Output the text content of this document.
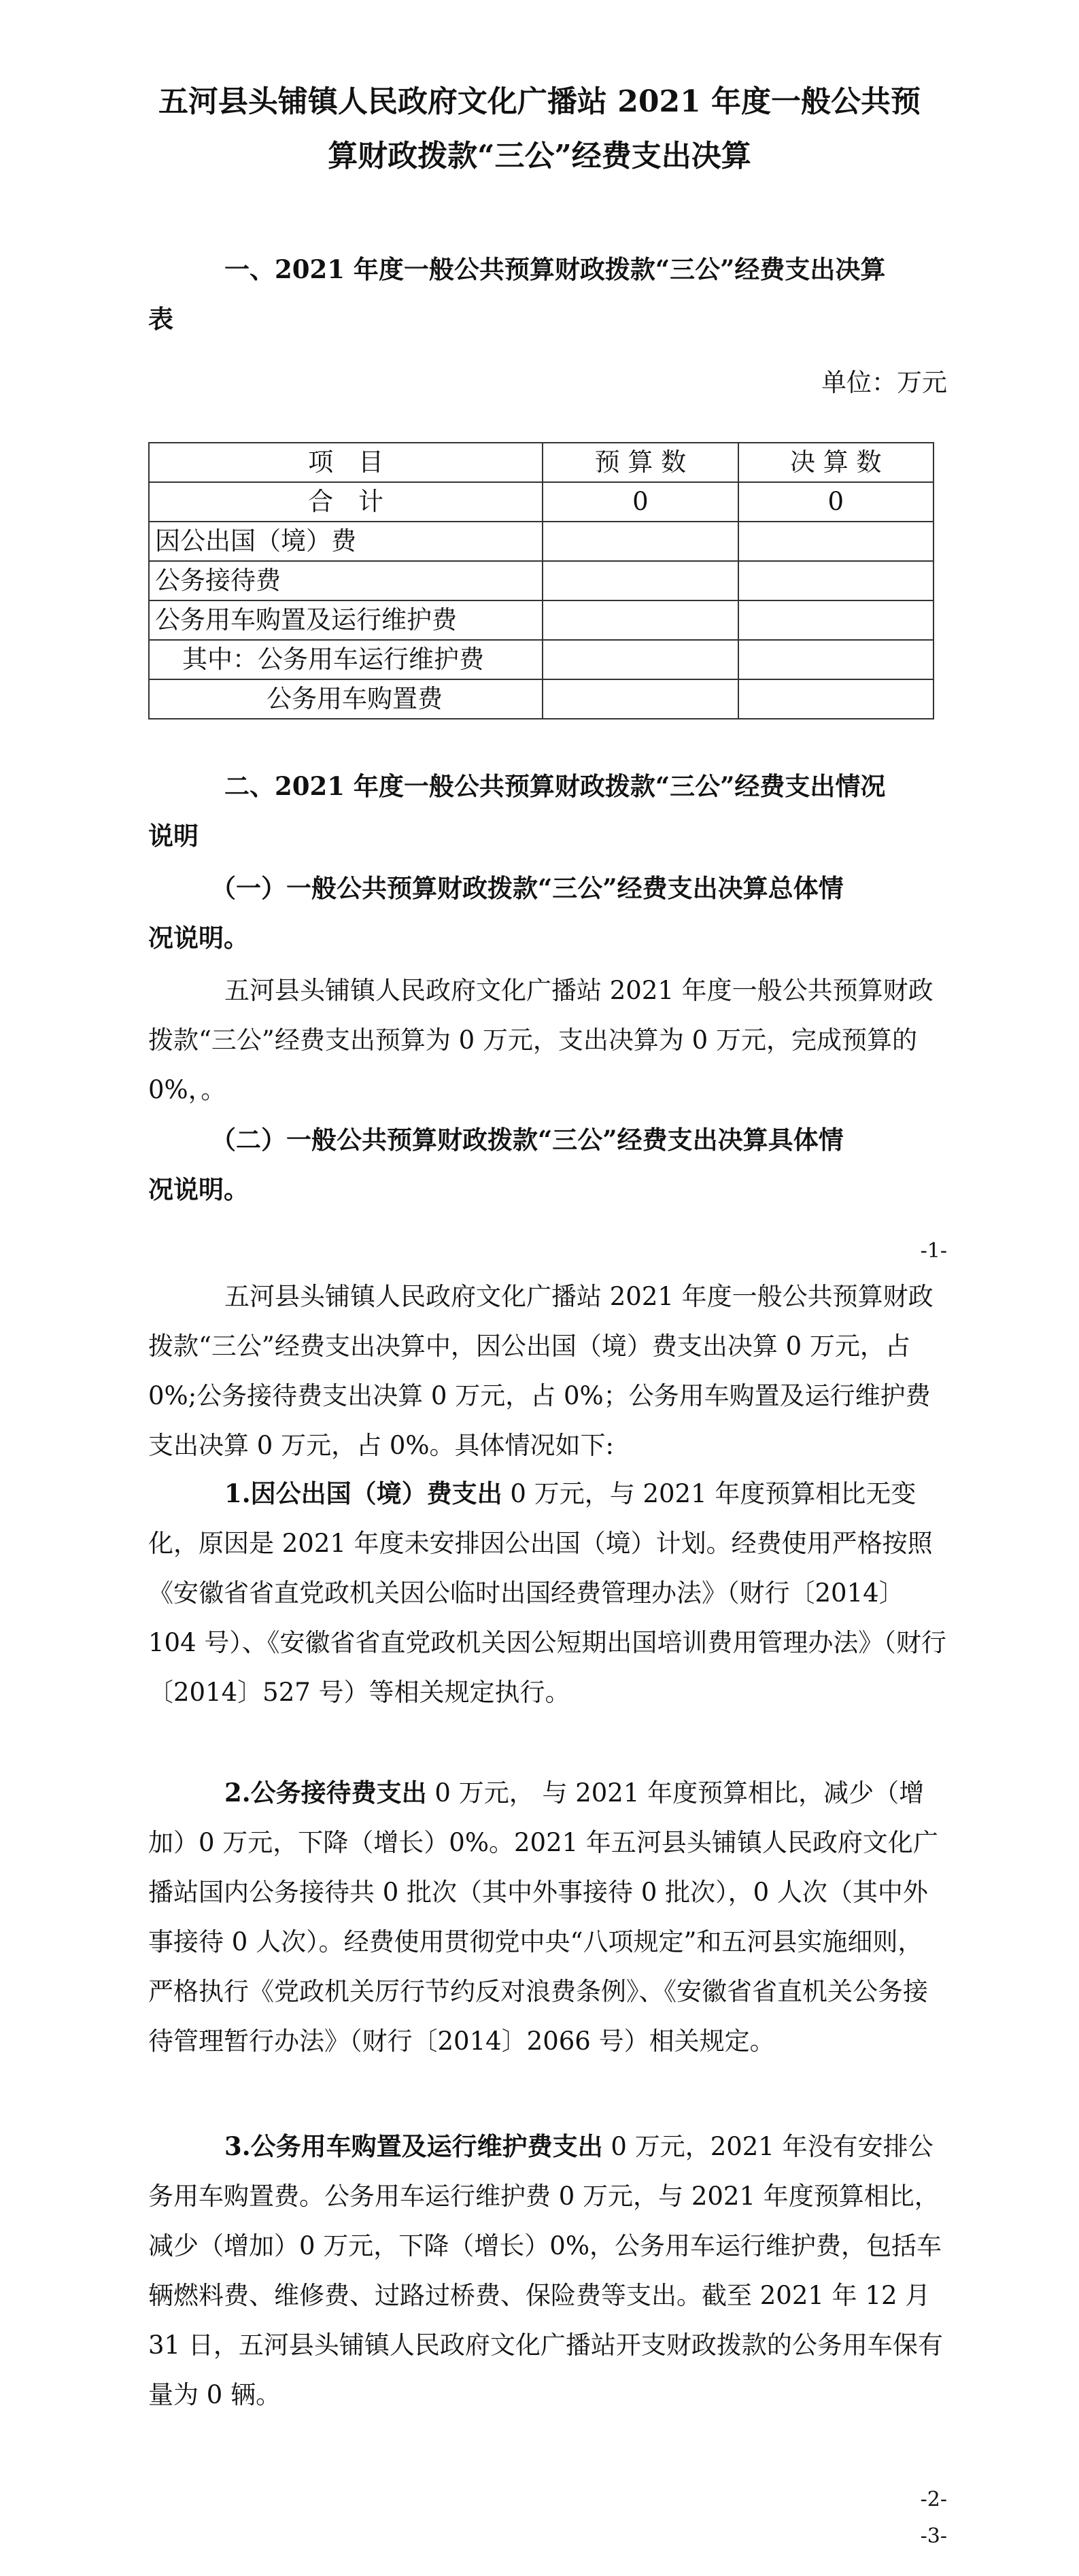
五河县头铺镇人民政府文化广播站 2021 年度一般公共预
算财政拨款“三公”经费支出决算
一、2021 年度一般公共预算财政拨款“三公”经费支出决算
表
单位：万元
项　目	预 算 数	决 算 数
合　计	0	0
因公出国（境）费		
公务接待费		
公务用车购置及运行维护费		
其中：公务用车运行维护费		
公务用车购置费		
二、2021 年度一般公共预算财政拨款“三公”经费支出情况
说明
（一）一般公共预算财政拨款“三公”经费支出决算总体情
况说明。
五河县头铺镇人民政府文化广播站 2021 年度一般公共预算财政拨款“三公”经费支出预算为 0 万元，支出决算为 0 万元，完成预算的 0%，。
（二）一般公共预算财政拨款“三公”经费支出决算具体情
况说明。
-1-
五河县头铺镇人民政府文化广播站 2021 年度一般公共预算财政拨款“三公”经费支出决算中，因公出国（境）费支出决算 0 万元，占 0%;公务接待费支出决算 0 万元，占 0%；公务用车购置及运行维护费支出决算 0 万元，占 0%。具体情况如下:
1.因公出国（境）费支出 0 万元，与 2021 年度预算相比无变化，原因是 2021 年度未安排因公出国（境）计划。经费使用严格按照《安徽省省直党政机关因公临时出国经费管理办法》（财行〔2014〕104 号）、《安徽省省直党政机关因公短期出国培训费用管理办法》（财行〔2014〕527 号）等相关规定执行。
2.公务接待费支出 0 万元， 与 2021 年度预算相比，减少（增加）0 万元，下降（增长）0%。2021 年五河县头铺镇人民政府文化广播站国内公务接待共 0 批次（其中外事接待 0 批次），0 人次（其中外事接待 0 人次）。经费使用贯彻党中央“八项规定”和五河县实施细则，严格执行《党政机关厉行节约反对浪费条例》、《安徽省省直机关公务接待管理暂行办法》（财行〔2014〕2066 号）相关规定。
3.公务用车购置及运行维护费支出 0 万元，2021 年没有安排公务用车购置费。公务用车运行维护费 0 万元，与 2021 年度预算相比，减少（增加）0 万元，下降（增长）0%，公务用车运行维护费，包括车辆燃料费、维修费、过路过桥费、保险费等支出。截至 2021 年 12 月 31 日，五河县头铺镇人民政府文化广播站开支财政拨款的公务用车保有量为 0 辆。
-2-
-3-
